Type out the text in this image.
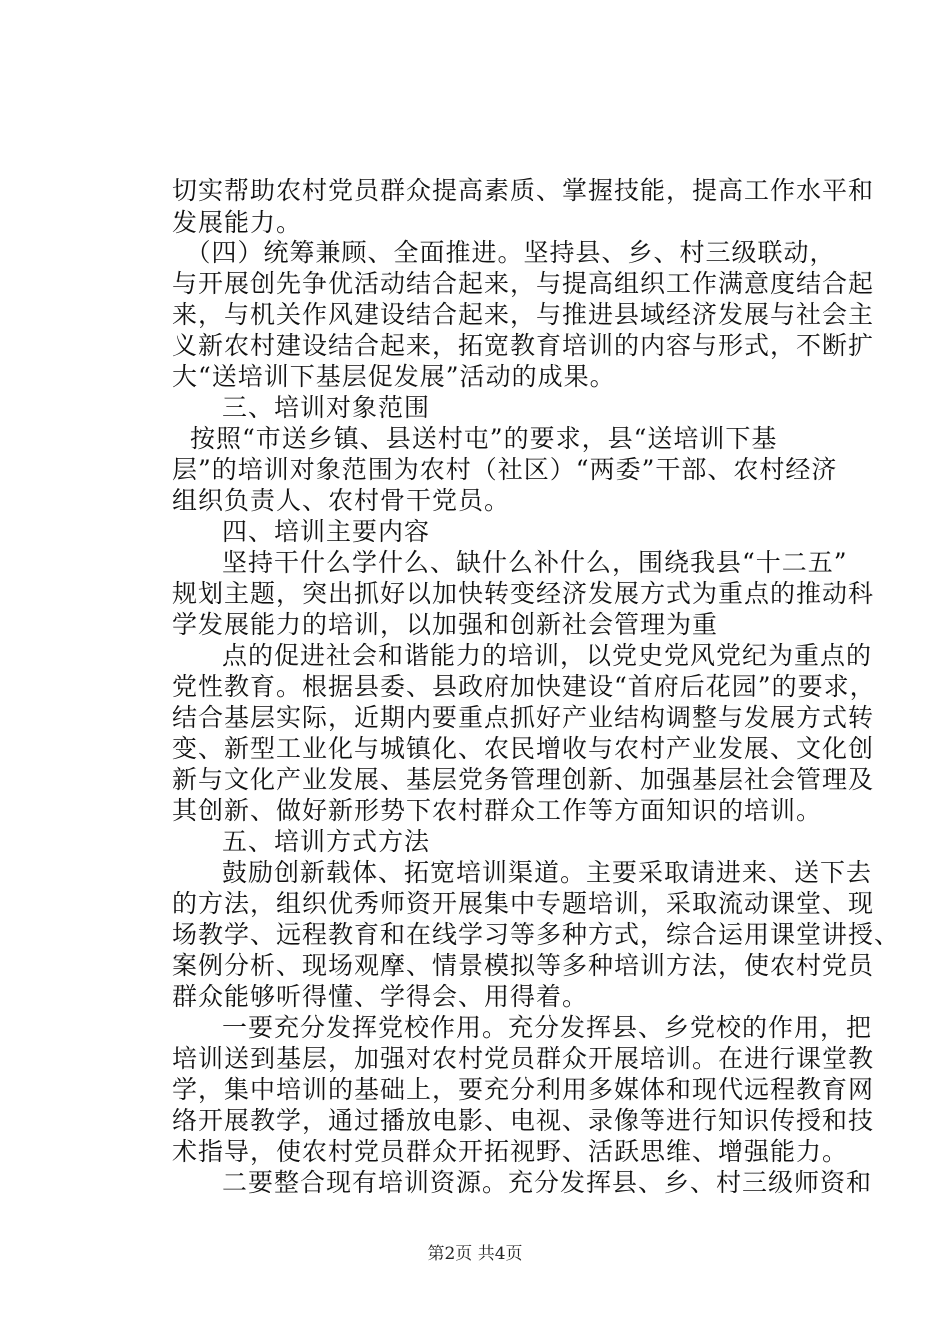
切实帮助农村党员群众提高素质、掌握技能，提高工作水平和
发展能力。
　（四）统筹兼顾、全面推进。坚持县、乡、村三级联动，
与开展创先争优活动结合起来，与提高组织工作满意度结合起
来，与机关作风建设结合起来，与推进县域经济发展与社会主
义新农村建设结合起来，拓宽教育培训的内容与形式，不断扩
大“送培训下基层促发展”活动的成果。
三、培训对象范围
按照“市送乡镇、县送村屯”的要求，县“送培训下基
层”的培训对象范围为农村（社区）“两委”干部、农村经济
组织负责人、农村骨干党员。
四、培训主要内容
坚持干什么学什么、缺什么补什么，围绕我县“十二五”
规划主题，突出抓好以加快转变经济发展方式为重点的推动科
学发展能力的培训，以加强和创新社会管理为重
点的促进社会和谐能力的培训，以党史党风党纪为重点的
党性教育。根据县委、县政府加快建设“首府后花园”的要求，
结合基层实际，近期内要重点抓好产业结构调整与发展方式转
变、新型工业化与城镇化、农民增收与农村产业发展、文化创
新与文化产业发展、基层党务管理创新、加强基层社会管理及
其创新、做好新形势下农村群众工作等方面知识的培训。
五、培训方式方法
鼓励创新载体、拓宽培训渠道。主要采取请进来、送下去
的方法，组织优秀师资开展集中专题培训，采取流动课堂、现
场教学、远程教育和在线学习等多种方式，综合运用课堂讲授、
案例分析、现场观摩、情景模拟等多种培训方法，使农村党员
群众能够听得懂、学得会、用得着。
一要充分发挥党校作用。充分发挥县、乡党校的作用，把
培训送到基层，加强对农村党员群众开展培训。在进行课堂教
学，集中培训的基础上，要充分利用多媒体和现代远程教育网
络开展教学，通过播放电影、电视、录像等进行知识传授和技
术指导，使农村党员群众开拓视野、活跃思维、增强能力。
二要整合现有培训资源。充分发挥县、乡、村三级师资和
第2页 共4页
